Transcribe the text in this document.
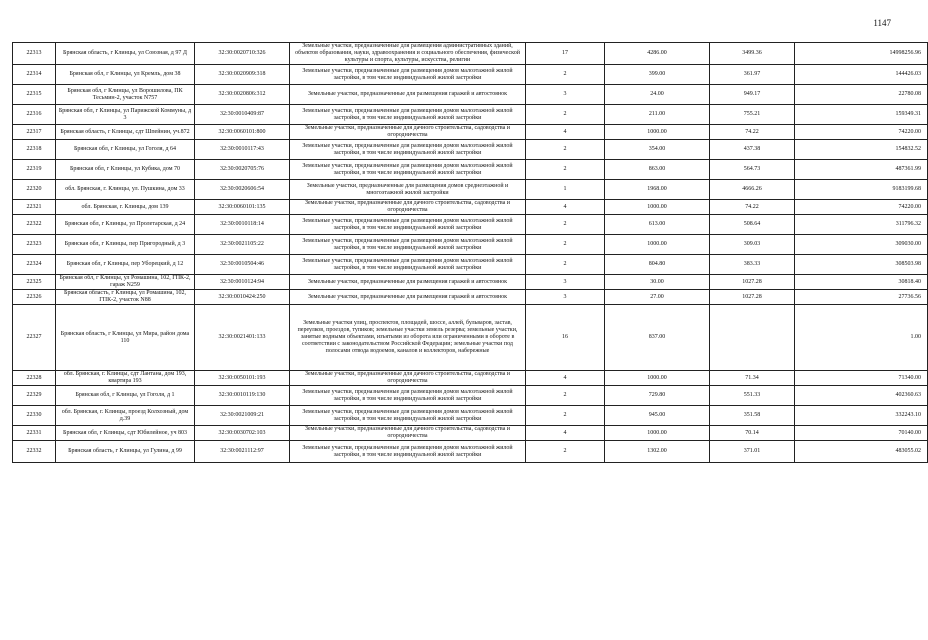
1147
22313	Брянская область, г Клинцы, ул Союзная, д 97 Д	32:30:0020710:326	Земельные участки, предназначенные для размещения административных зданий, объектов образования, науки, здравоохранения и социального обеспечения, физической культуры и спорта, культуры, искусства, религии	17	4286.00	3499.36	14998256.96
22314	Брянская обл, г Клинцы, ул Кремль, дом 38	32:30:0020909:318	Земельные участки, предназначенные для размещения домов малоэтажной жилой застройки, в том числе индивидуальной жилой застройки	2	399.00	361.97	144426.03
22315	Брянская обл, г Клинцы, ул Ворошилова, ПК Тесьмин-2, участок N757	32:30:0020806:312	Земельные участки, предназначенные для размещения гаражей и автостоянок	3	24.00	949.17	22780.08
22316	Брянская обл, г Клинцы, ул Парижской Коммуны, д 3	32:30:0010409:87	Земельные участки, предназначенные для размещения домов малоэтажной жилой застройки, в том числе индивидуальной жилой застройки	2	211.00	755.21	159349.31
22317	Брянская область, г Клинцы, сдт Шпейнин, уч.872	32:30:0060101:800	Земельные участки, предназначенные для дачного строительства, садоводства и огородничества	4	1000.00	74.22	74220.00
22318	Брянская обл, г Клинцы, ул Гоголя, д 64	32:30:0010117:43	Земельные участки, предназначенные для размещения домов малоэтажной жилой застройки, в том числе индивидуальной жилой застройки	2	354.00	437.38	154832.52
22319	Брянская обл, г Клинцы, ул Кубика, дом 70	32:30:0020705:76	Земельные участки, предназначенные для размещения домов малоэтажной жилой застройки, в том числе индивидуальной жилой застройки	2	863.00	564.73	487361.99
22320	обл. Брянская, г. Клинцы, ул. Пушкина, дом 33	32:30:0020606:54	Земельные участки, предназначенные для размещения домов среднеэтажной и многоэтажной жилой застройки	1	1968.00	4666.26	9183199.68
22321	обл. Брянская, г. Клинцы, дом 139	32:30:0060101:135	Земельные участки, предназначенные для дачного строительства, садоводства и огородничества	4	1000.00	74.22	74220.00
22322	Брянская обл, г Клинцы, ул Пролетарская, д 24	32:30:0010118:14	Земельные участки, предназначенные для размещения домов малоэтажной жилой застройки, в том числе индивидуальной жилой застройки	2	613.00	508.64	311796.32
22323	Брянская обл, г Клинцы, пер Пригородный, д 3	32:30:0021105:22	Земельные участки, предназначенные для размещения домов малоэтажной жилой застройки, в том числе индивидуальной жилой застройки	2	1000.00	309.03	309030.00
22324	Брянская обл, г Клинцы, пер Уборецкий, д 12	32:30:0010504:46	Земельные участки, предназначенные для размещения домов малоэтажной жилой застройки, в том числе индивидуальной жилой застройки	2	804.80	383.33	308503.98
22325	Брянская обл, г Клинцы, ул Ромашина, 102, ГПК-2, гараж N259	32:30:0010124:94	Земельные участки, предназначенные для размещения гаражей и автостоянок	3	30.00	1027.28	30818.40
22326	Брянская область, г Клинцы, ул Ромашина, 102, ГПК-2, участок N88	32:30:0010424:250	Земельные участки, предназначенные для размещения гаражей и автостоянок	3	27.00	1027.28	27736.56
22327	Брянская область, г Клинцы, ул Мира, район дома 110	32:30:0021401:133	Земельные участки улиц, проспектов, площадей, шоссе, аллей, бульваров, застав, переулков, проездов, тупиков; земельные участки земель резерва; земельные участки, занятые водными объектами, изъятыми из оборота или ограниченными в обороте в соответствии с законодательством Российской Федерации; земельные участки под полосами отвода водоемов, каналов и коллекторов, набережные	16	837.00		1.00
22328	обл. Брянская, г. Клинцы, сдт Лантана, дом 193, квартира 193	32:30:0050101:193	Земельные участки, предназначенные для дачного строительства, садоводства и огородничества	4	1000.00	71.34	71340.00
22329	Брянская обл, г Клинцы, ул Гоголя, д 1	32:30:0010119:130	Земельные участки, предназначенные для размещения домов малоэтажной жилой застройки, в том числе индивидуальной жилой застройки	2	729.80	551.33	402360.63
22330	обл. Брянская, г. Клинцы, проезд Колхозный, дом д.39	32:30:0021009:21	Земельные участки, предназначенные для размещения домов малоэтажной жилой застройки, в том числе индивидуальной жилой застройки	2	945.00	351.58	332243.10
22331	Брянская обл, г Клинцы, сдт Юбилейное, уч 803	32:30:0030702:103	Земельные участки, предназначенные для дачного строительства, садоводства и огородничества	4	1000.00	70.14	70140.00
22332	Брянская область, г Клинцы, ул Гулина, д 99	32:30:0021112:97	Земельные участки, предназначенные для размещения домов малоэтажной жилой застройки, в том числе индивидуальной жилой застройки	2	1302.00	371.01	483055.02
